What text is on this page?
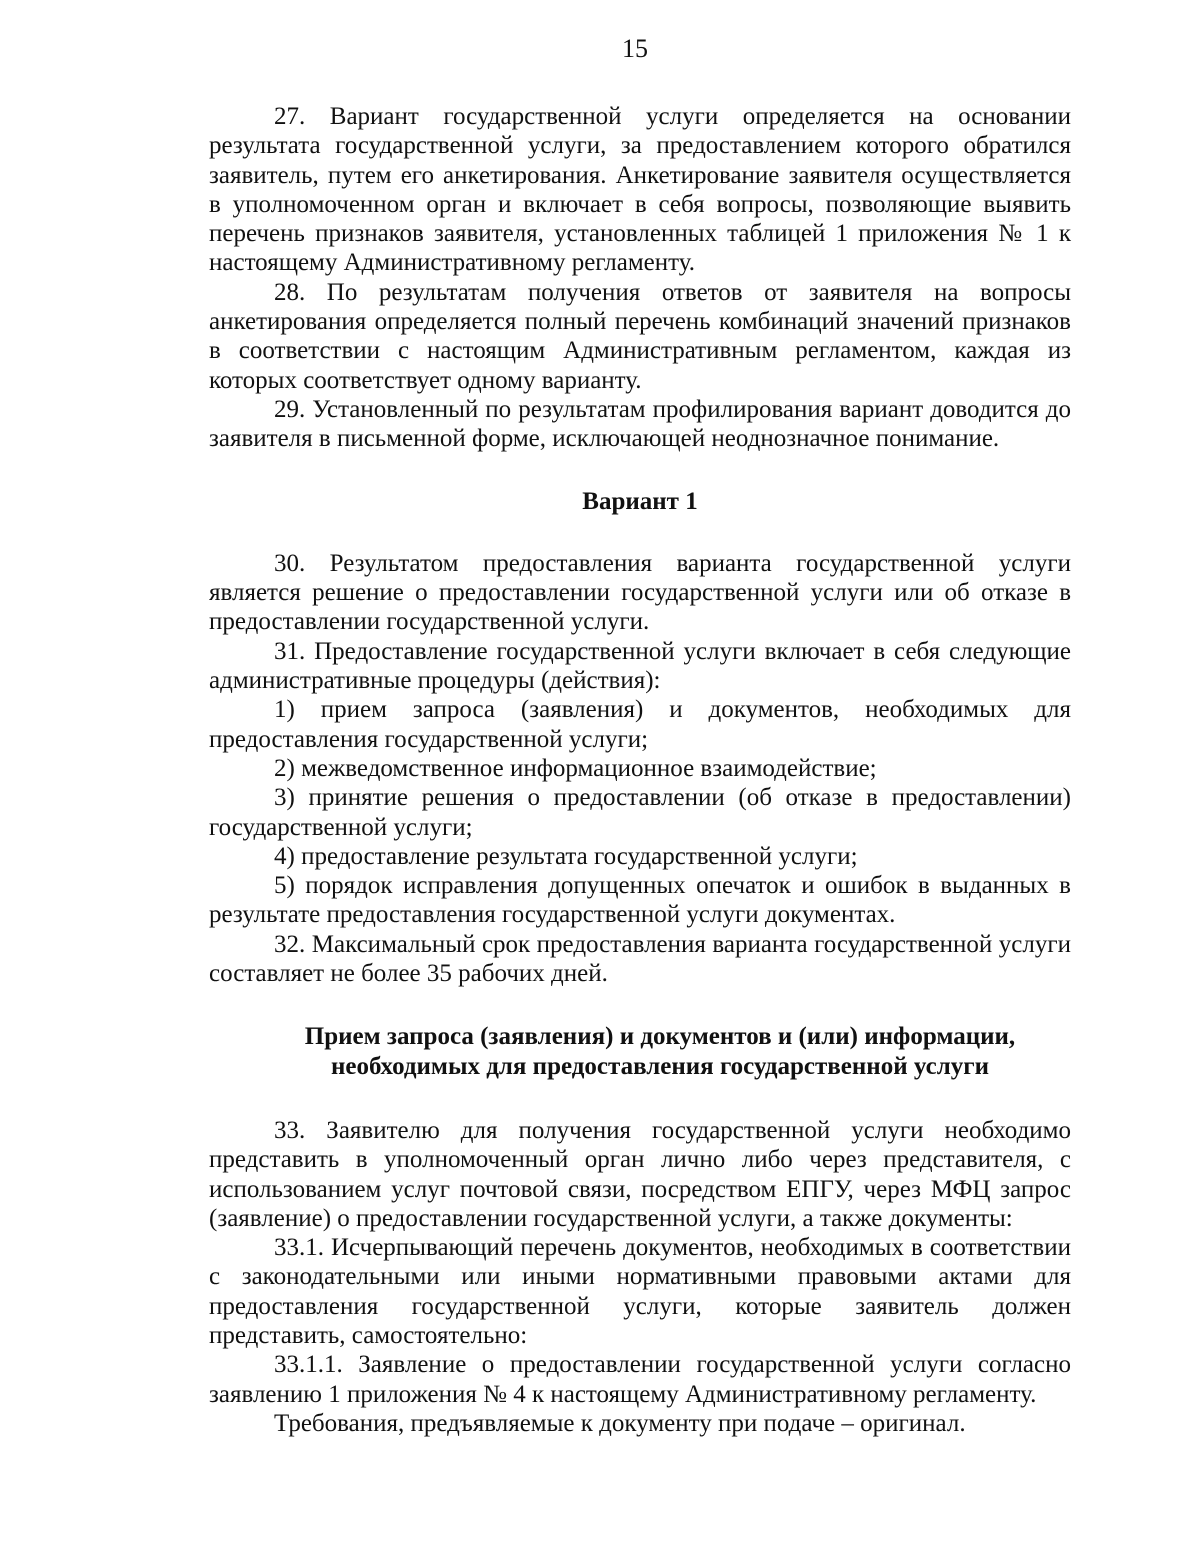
15

27. Вариант государственной услуги определяется на основании результата государственной услуги, за предоставлением которого обратился заявитель, путем его анкетирования. Анкетирование заявителя осуществляется в уполномоченном орган и включает в себя вопросы, позволяющие выявить перечень признаков заявителя, установленных таблицей 1 приложения № 1 к настоящему Административному регламенту.

28. По результатам получения ответов от заявителя на вопросы анкетирования определяется полный перечень комбинаций значений признаков в соответствии с настоящим Административным регламентом, каждая из которых соответствует одному варианту.

29. Установленный по результатам профилирования вариант доводится до заявителя в письменной форме, исключающей неоднозначное понимание.

Вариант 1

30. Результатом предоставления варианта государственной услуги является решение о предоставлении государственной услуги или об отказе в предоставлении государственной услуги.

31. Предоставление государственной услуги включает в себя следующие административные процедуры (действия):

1) прием запроса (заявления) и документов, необходимых для предоставления государственной услуги;

2) межведомственное информационное взаимодействие;

3) принятие решения о предоставлении (об отказе в предоставлении) государственной услуги;

4) предоставление результата государственной услуги;

5) порядок исправления допущенных опечаток и ошибок в выданных в результате предоставления государственной услуги документах.

32. Максимальный срок предоставления варианта государственной услуги составляет не более 35 рабочих дней.

Прием запроса (заявления) и документов и (или) информации,
необходимых для предоставления государственной услуги

33. Заявителю для получения государственной услуги необходимо представить в уполномоченный орган лично либо через представителя, с использованием услуг почтовой связи, посредством ЕПГУ, через МФЦ запрос (заявление) о предоставлении государственной услуги, а также документы:

33.1. Исчерпывающий перечень документов, необходимых в соответствии с законодательными или иными нормативными правовыми актами для предоставления государственной услуги, которые заявитель должен представить, самостоятельно:

33.1.1. Заявление о предоставлении государственной услуги согласно заявлению 1 приложения № 4 к настоящему Административному регламенту.

Требования, предъявляемые к документу при подаче – оригинал.
